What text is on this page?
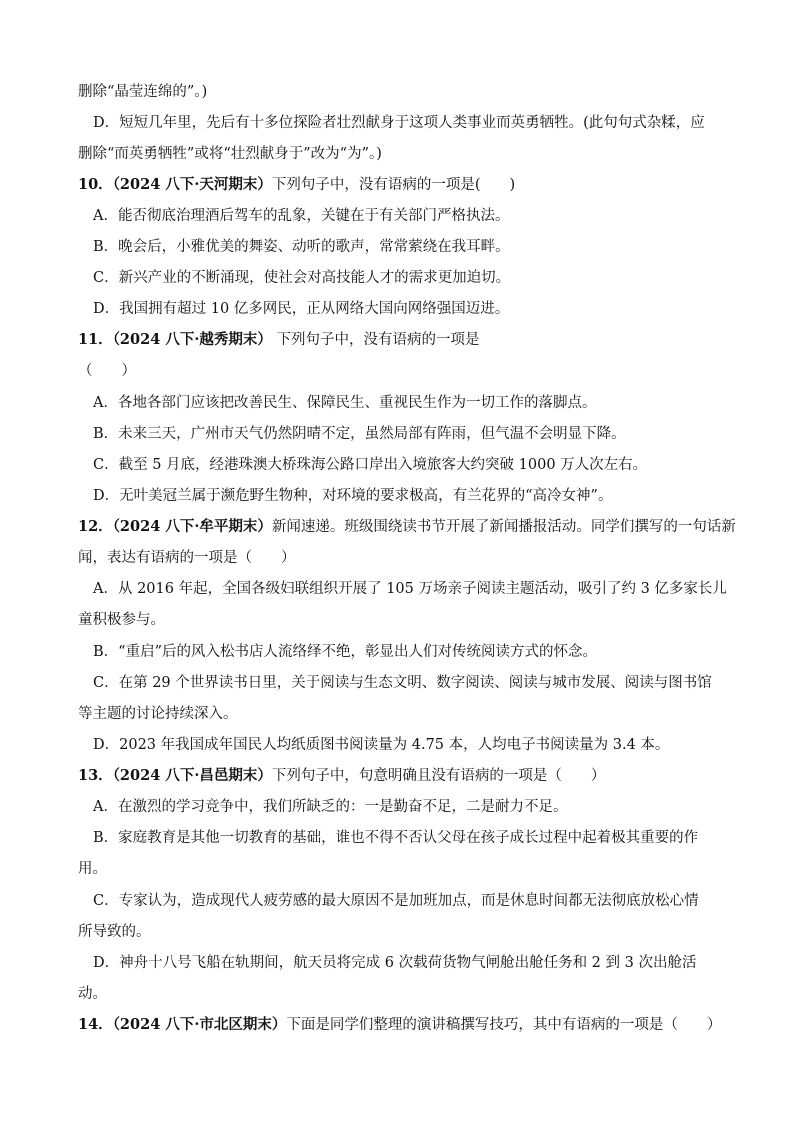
删除“晶莹连绵的”。)
D．短短几年里，先后有十多位探险者壮烈献身于这项人类事业而英勇牺牲。(此句句式杂糅，应
删除“而英勇牺牲”或将“壮烈献身于”改为“为”。)
10．（2024 八下·天河期末）下列句子中，没有语病的一项是(　　)
A．能否彻底治理酒后驾车的乱象，关键在于有关部门严格执法。
B．晚会后，小雅优美的舞姿、动听的歌声，常常萦绕在我耳畔。
C．新兴产业的不断涌现，使社会对高技能人才的需求更加迫切。
D．我国拥有超过 10 亿多网民，正从网络大国向网络强国迈进。
11．（2024 八下·越秀期末） 下列句子中，没有语病的一项是
（　　）
A．各地各部门应该把改善民生、保障民生、重视民生作为一切工作的落脚点。
B．未来三天，广州市天气仍然阴晴不定，虽然局部有阵雨，但气温不会明显下降。
C．截至 5 月底，经港珠澳大桥珠海公路口岸出入境旅客大约突破 1000 万人次左右。
D．无叶美冠兰属于濒危野生物种，对环境的要求极高，有兰花界的“高冷女神”。
12．（2024 八下·牟平期末）新闻速递。班级围绕读书节开展了新闻播报活动。同学们撰写的一句话新
闻，表达有语病的一项是（　　）
A．从 2016 年起，全国各级妇联组织开展了 105 万场亲子阅读主题活动，吸引了约 3 亿多家长儿
童积极参与。
B．“重启”后的风入松书店人流络绎不绝，彰显出人们对传统阅读方式的怀念。
C．在第 29 个世界读书日里，关于阅读与生态文明、数字阅读、阅读与城市发展、阅读与图书馆
等主题的讨论持续深入。
D．2023 年我国成年国民人均纸质图书阅读量为 4.75 本，人均电子书阅读量为 3.4 本。
13．（2024 八下·昌邑期末）下列句子中，句意明确且没有语病的一项是（　　）
A．在激烈的学习竞争中，我们所缺乏的：一是勤奋不足，二是耐力不足。
B．家庭教育是其他一切教育的基础，谁也不得不否认父母在孩子成长过程中起着极其重要的作
用。
C．专家认为，造成现代人疲劳感的最大原因不是加班加点，而是休息时间都无法彻底放松心情
所导致的。
D．神舟十八号飞船在轨期间，航天员将完成 6 次载荷货物气闸舱出舱任务和 2 到 3 次出舱活
动。
14．（2024 八下·市北区期末）下面是同学们整理的演讲稿撰写技巧，其中有语病的一项是（　　）
